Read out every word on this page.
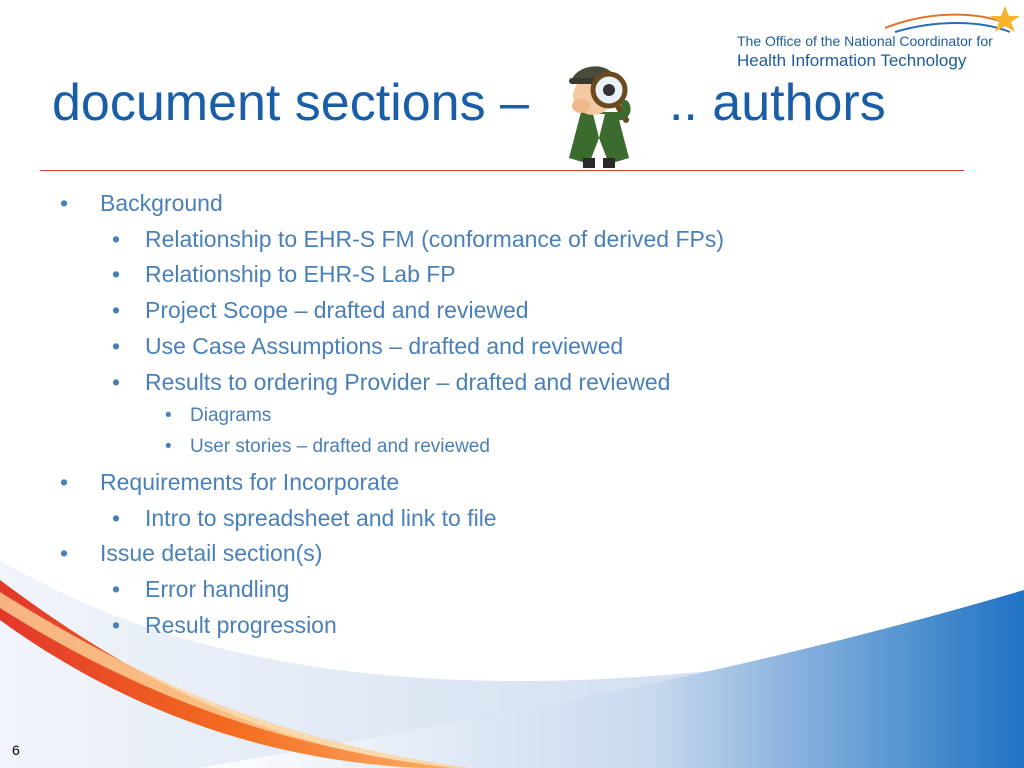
The Office of the National Coordinator for
Health Information Technology
document sections –	.. authors
• Background
• Relationship to EHR-S FM (conformance of derived FPs)
• Relationship to EHR-S Lab FP
• Project Scope – drafted and reviewed
• Use Case Assumptions – drafted and reviewed
• Results to ordering Provider – drafted and reviewed
• Diagrams
• User stories – drafted and reviewed
• Requirements for Incorporate
• Intro to spreadsheet and link to file
• Issue detail section(s)
• Error handling
• Result progression
6
